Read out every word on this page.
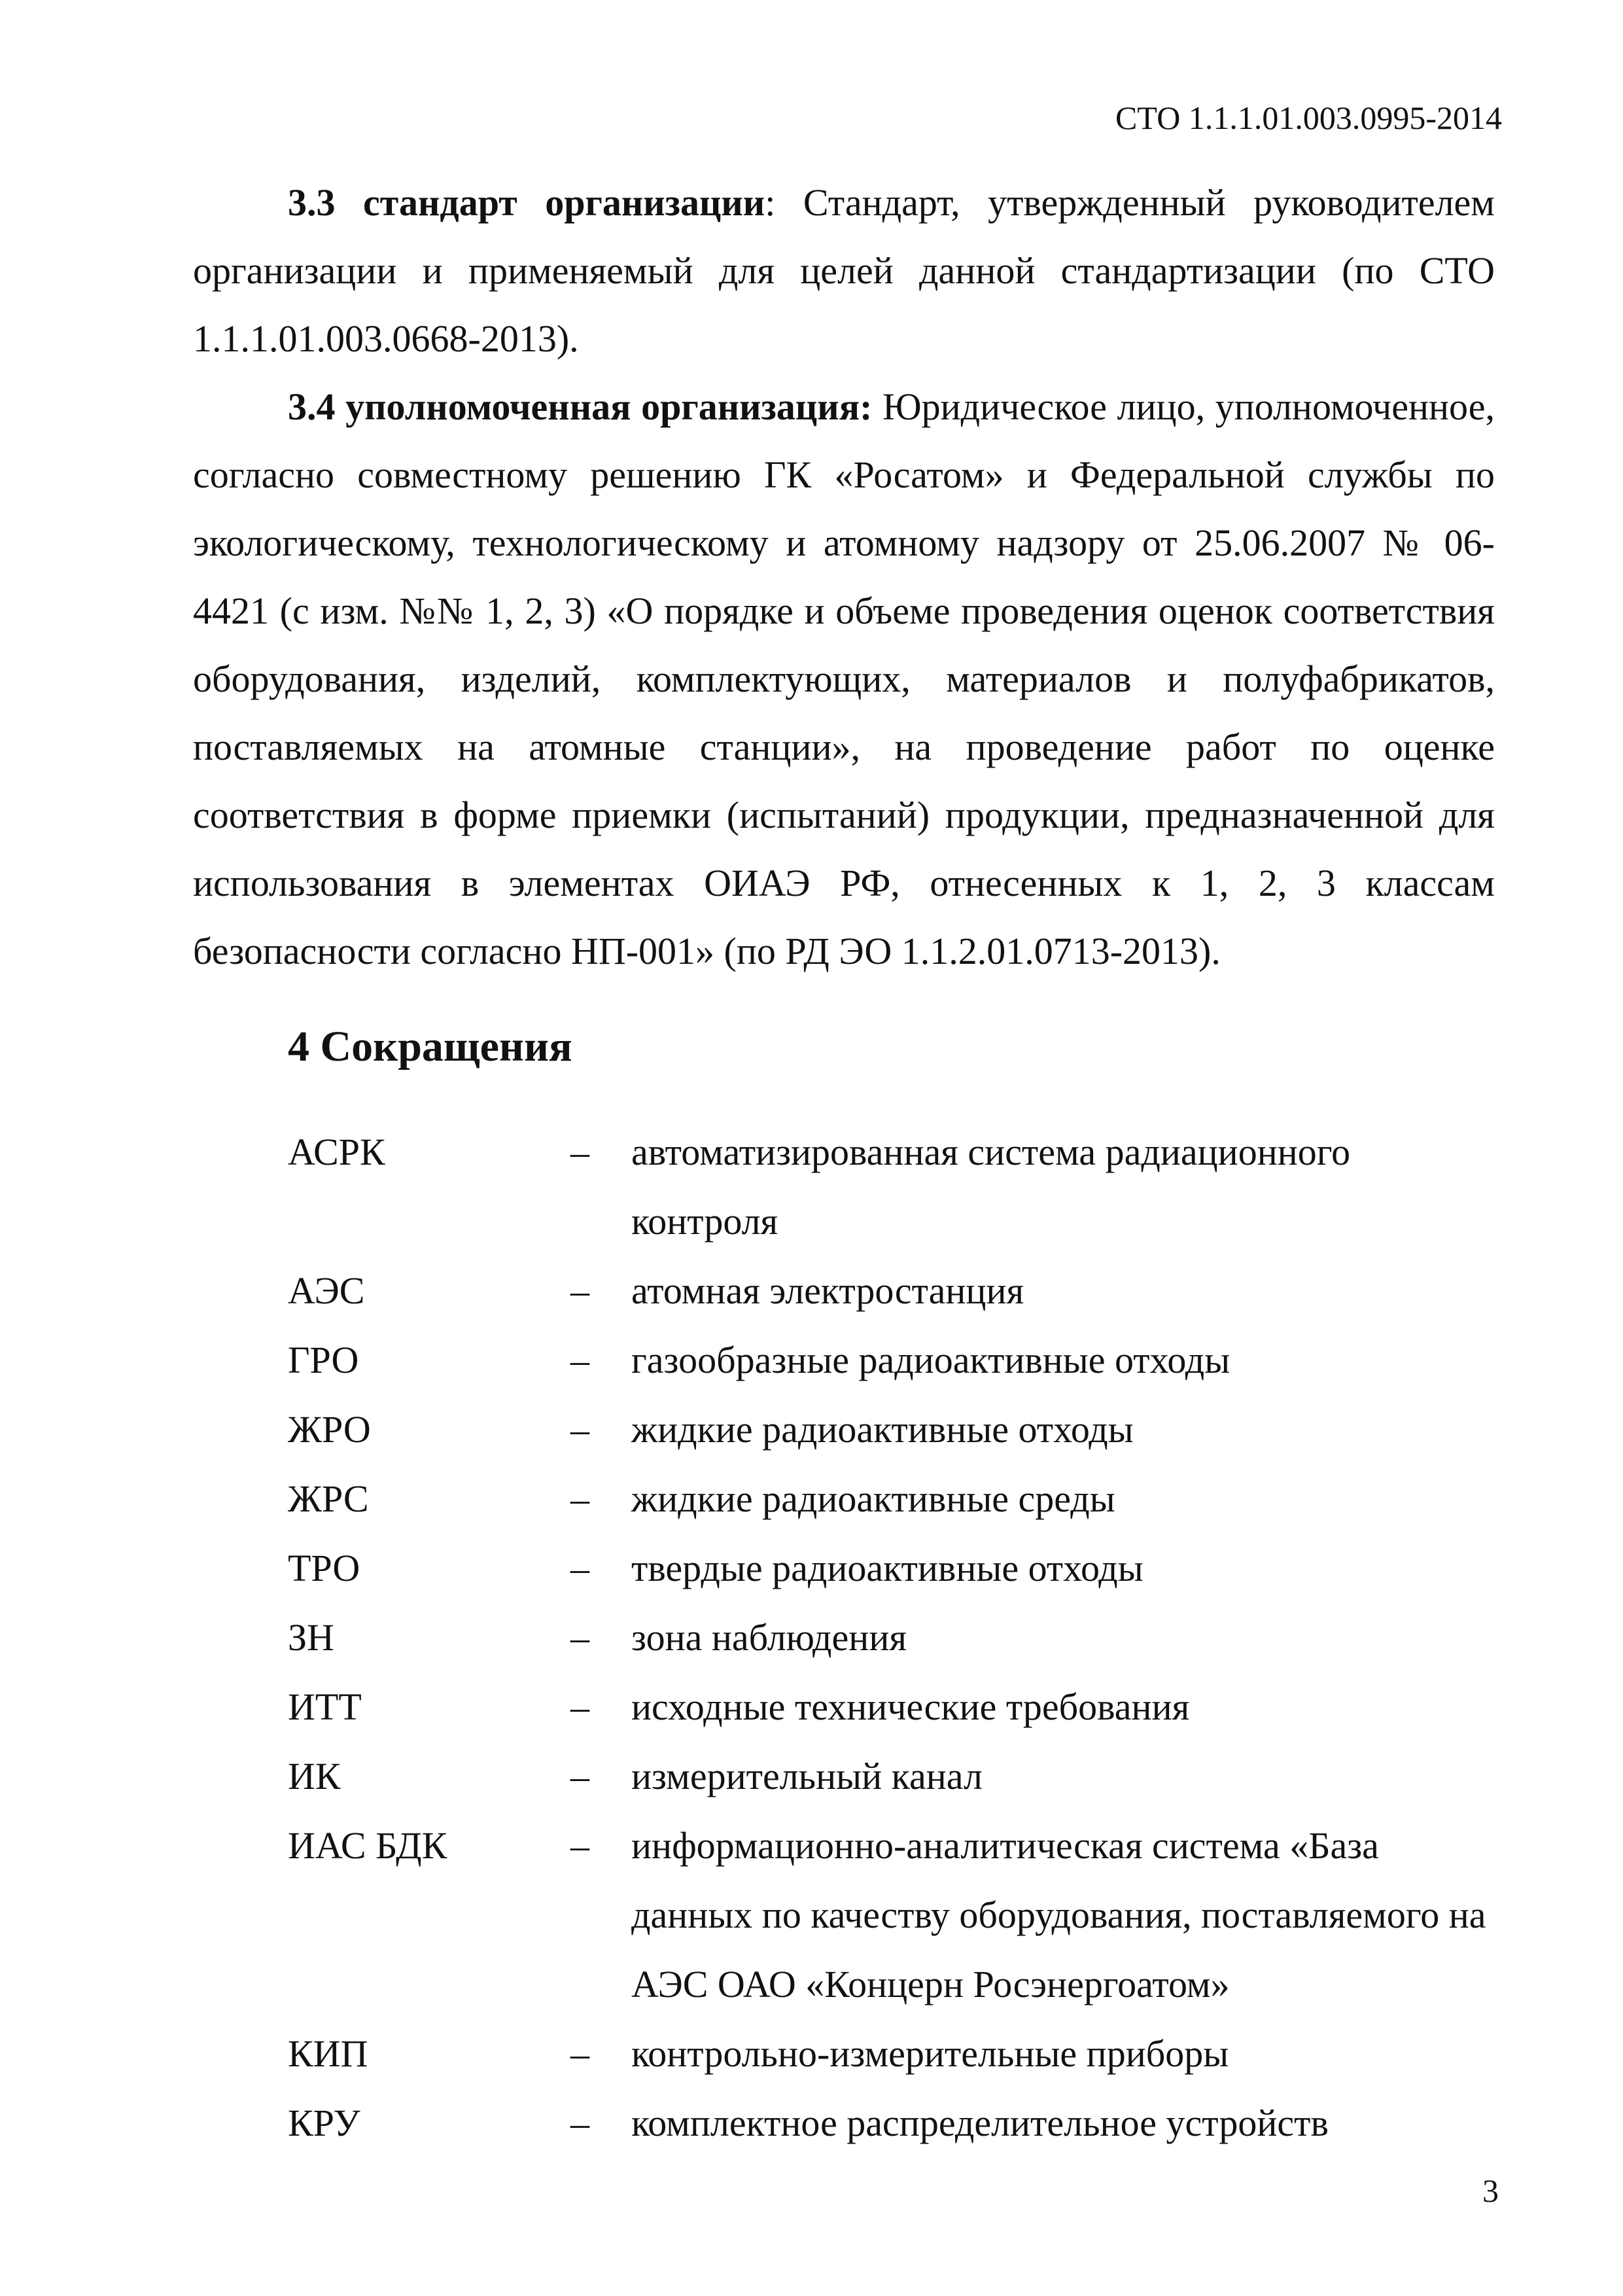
СТО 1.1.1.01.003.0995-2014

3.3 стандарт организации: Стандарт, утвержденный руководителем организации и применяемый для целей данной стандартизации (по СТО 1.1.1.01.003.0668-2013).

3.4 уполномоченная организация: Юридическое лицо, уполномоченное, согласно совместному решению ГК «Росатом» и Федеральной службы по экологическому, технологическому и атомному надзору от 25.06.2007 № 06-4421 (с изм. №№ 1, 2, 3) «О порядке и объеме проведения оценок соответствия оборудования, изделий, комплектующих, материалов и полуфабрикатов, поставляемых на атомные станции», на проведение работ по оценке соответствия в форме приемки (испытаний) продукции, предназначенной для использования в элементах ОИАЭ РФ, отнесенных к 1, 2, 3 классам безопасности согласно НП-001» (по РД ЭО 1.1.2.01.0713-2013).

4 Сокращения
АСРК	– автоматизированная система радиационного контроля
АЭС	– атомная электростанция
ГРО	– газообразные радиоактивные отходы
ЖРО	– жидкие радиоактивные отходы
ЖРС	– жидкие радиоактивные среды
ТРО	– твердые радиоактивные отходы
ЗН	– зона наблюдения
ИТТ	– исходные технические требования
ИК	– измерительный канал
ИАС БДК	– информационно-аналитическая система «База данных по качеству оборудования, поставляемого на АЭС ОАО «Концерн Росэнергоатом»
КИП	– контрольно-измерительные приборы
КРУ	– комплектное распределительное устройств
3
